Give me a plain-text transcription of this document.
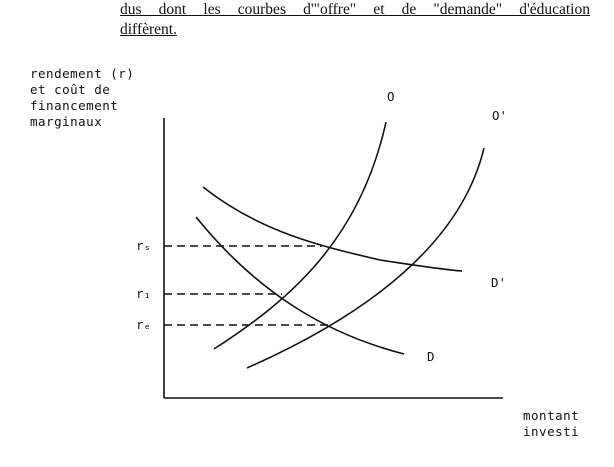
dus dont les courbes d'"offre" et de "demande" d'éducation
diffèrent.
rendement (r)
et coût de
financement
marginaux
montant
investi
rₛ
r₁
rₑ
O
O'
D'
D
